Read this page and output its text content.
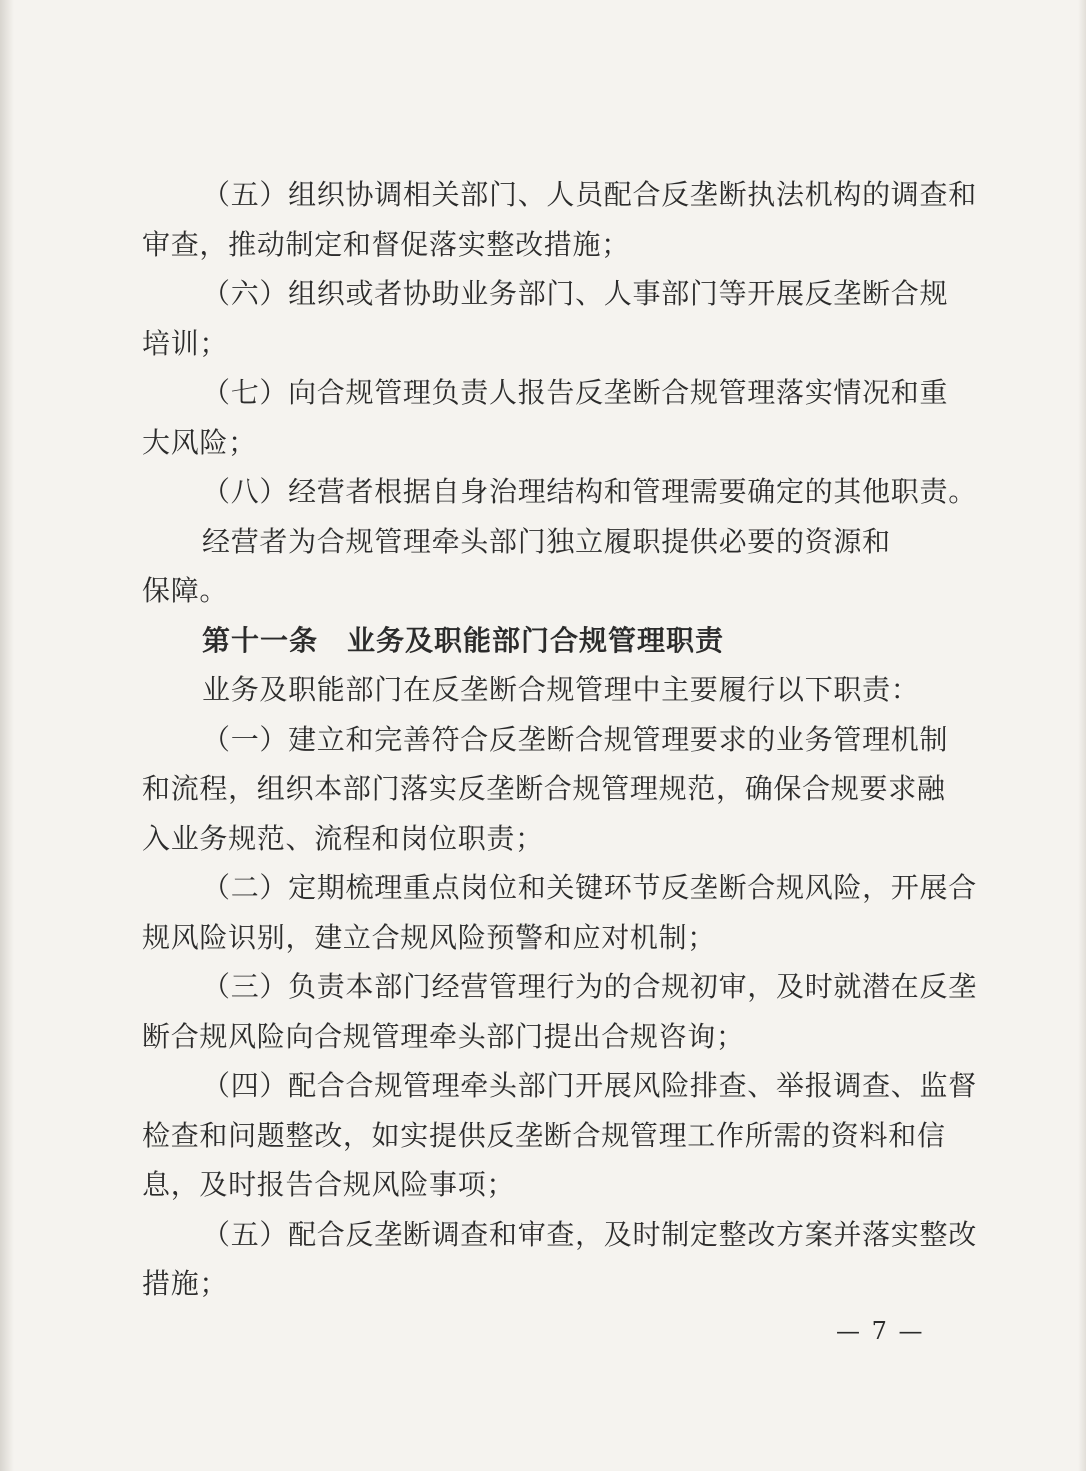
（五）组织协调相关部门、人员配合反垄断执法机构的调查和
审查，推动制定和督促落实整改措施；
（六）组织或者协助业务部门、人事部门等开展反垄断合规
培训；
（七）向合规管理负责人报告反垄断合规管理落实情况和重
大风险；
（八）经营者根据自身治理结构和管理需要确定的其他职责。
经营者为合规管理牵头部门独立履职提供必要的资源和
保障。
第十一条　业务及职能部门合规管理职责
业务及职能部门在反垄断合规管理中主要履行以下职责：
（一）建立和完善符合反垄断合规管理要求的业务管理机制
和流程，组织本部门落实反垄断合规管理规范，确保合规要求融
入业务规范、流程和岗位职责；
（二）定期梳理重点岗位和关键环节反垄断合规风险，开展合
规风险识别，建立合规风险预警和应对机制；
（三）负责本部门经营管理行为的合规初审，及时就潜在反垄
断合规风险向合规管理牵头部门提出合规咨询；
（四）配合合规管理牵头部门开展风险排查、举报调查、监督
检查和问题整改，如实提供反垄断合规管理工作所需的资料和信
息，及时报告合规风险事项；
（五）配合反垄断调查和审查，及时制定整改方案并落实整改
措施；
— 7 —
